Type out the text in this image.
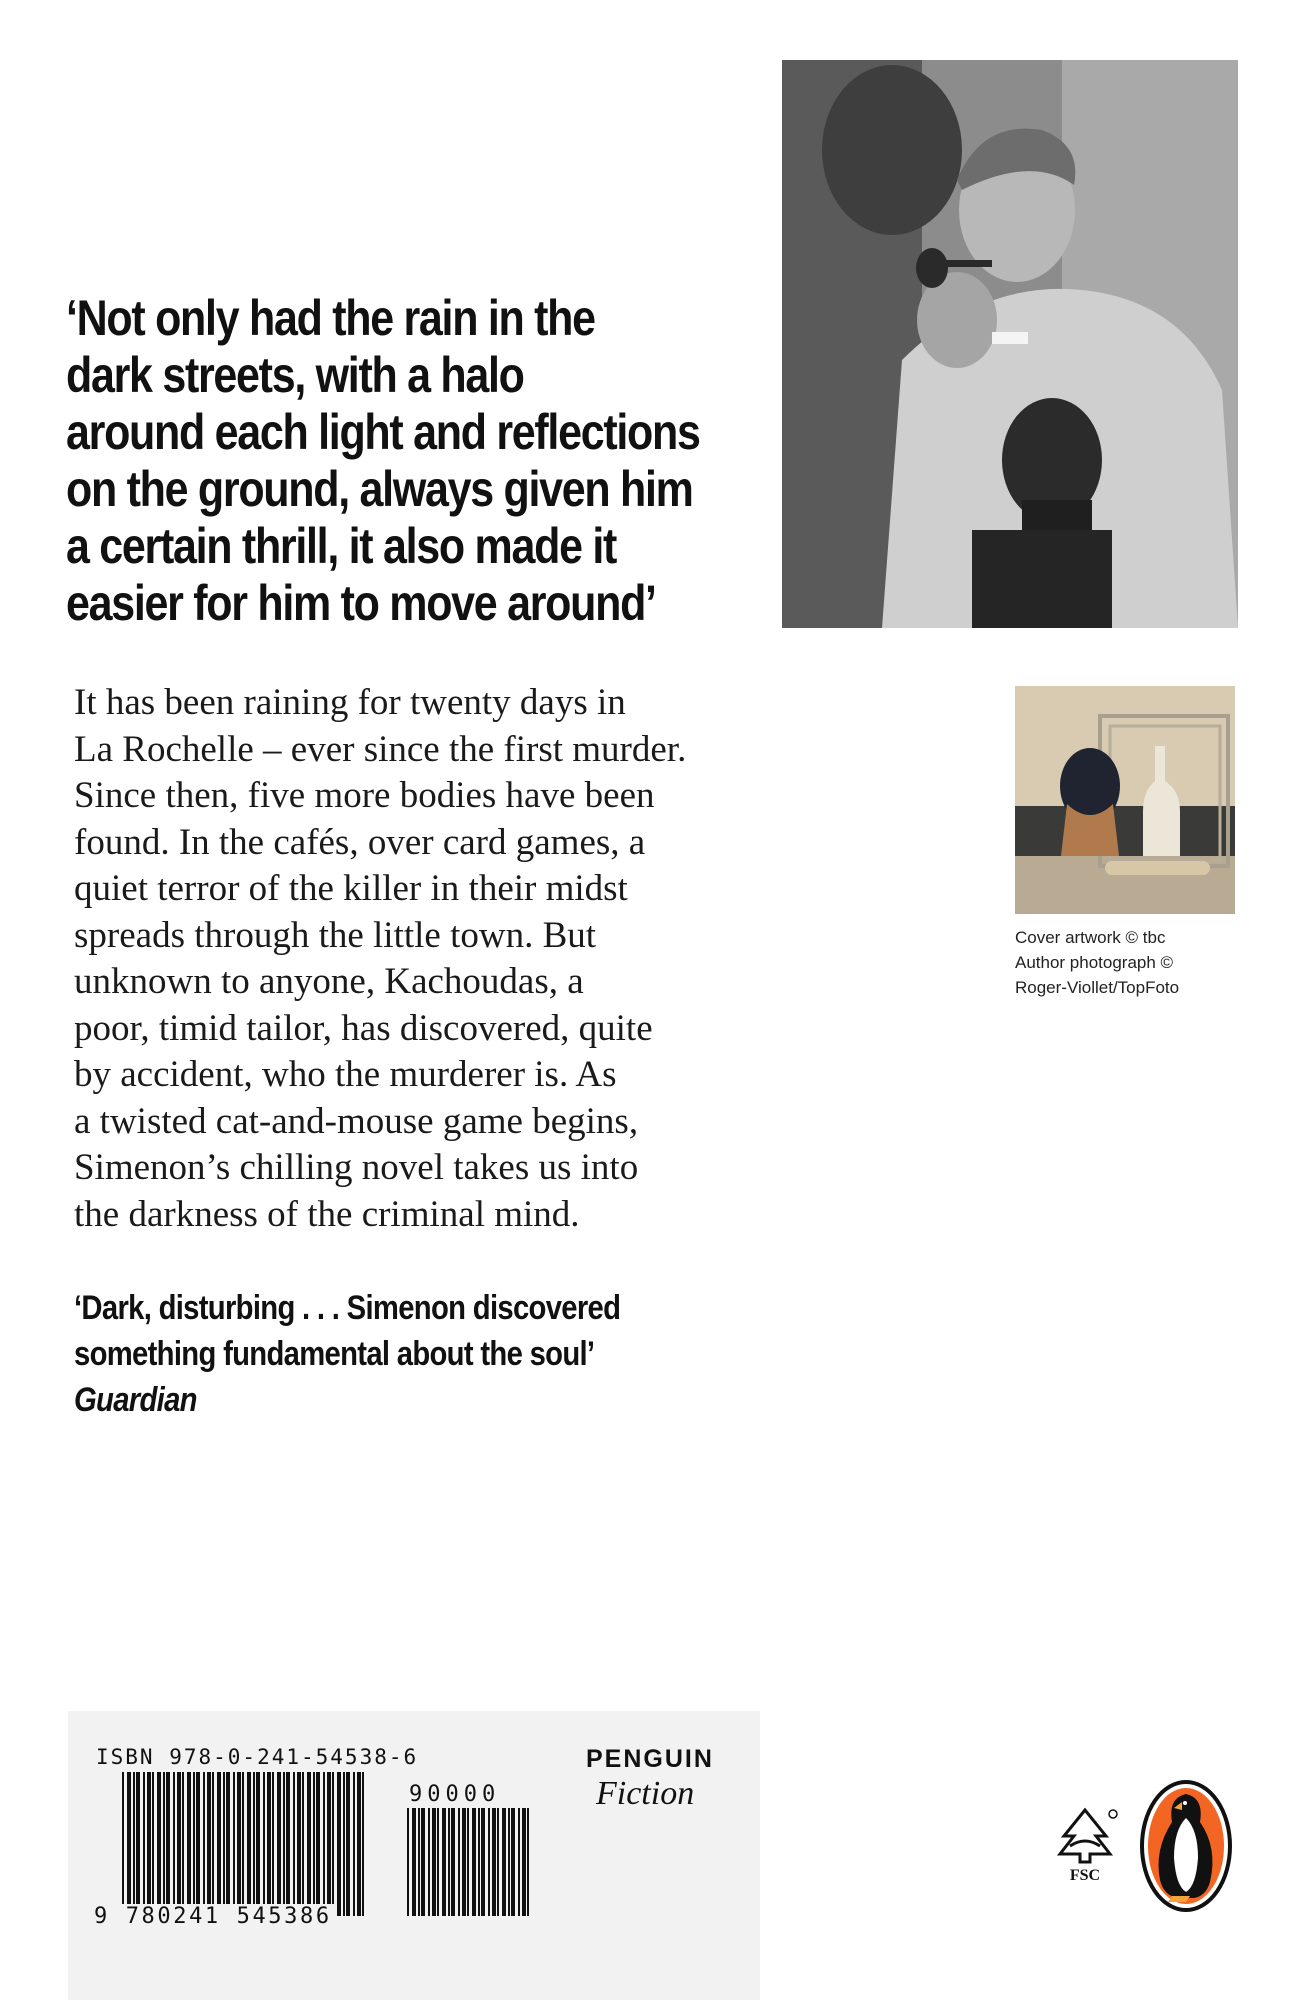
‘Not only had the rain in the
dark streets, with a halo
around each light and reflections
on the ground, always given him
a certain thrill, it also made it
easier for him to move around’
It has been raining for twenty days in
La Rochelle – ever since the first murder.
Since then, five more bodies have been
found. In the cafés, over card games, a
quiet terror of the killer in their midst
spreads through the little town. But
unknown to anyone, Kachoudas, a
poor, timid tailor, has discovered, quite
by accident, who the murderer is. As
a twisted cat-and-mouse game begins,
Simenon’s chilling novel takes us into
the darkness of the criminal mind.
‘Dark, disturbing . . . Simenon discovered
something fundamental about the soul’
Guardian
Cover artwork © tbc
Author photograph ©
Roger-Viollet/TopFoto
ISBN 978-0-241-54538-6
90000
9 780241 545386
PENGUIN
Fiction
FSC
